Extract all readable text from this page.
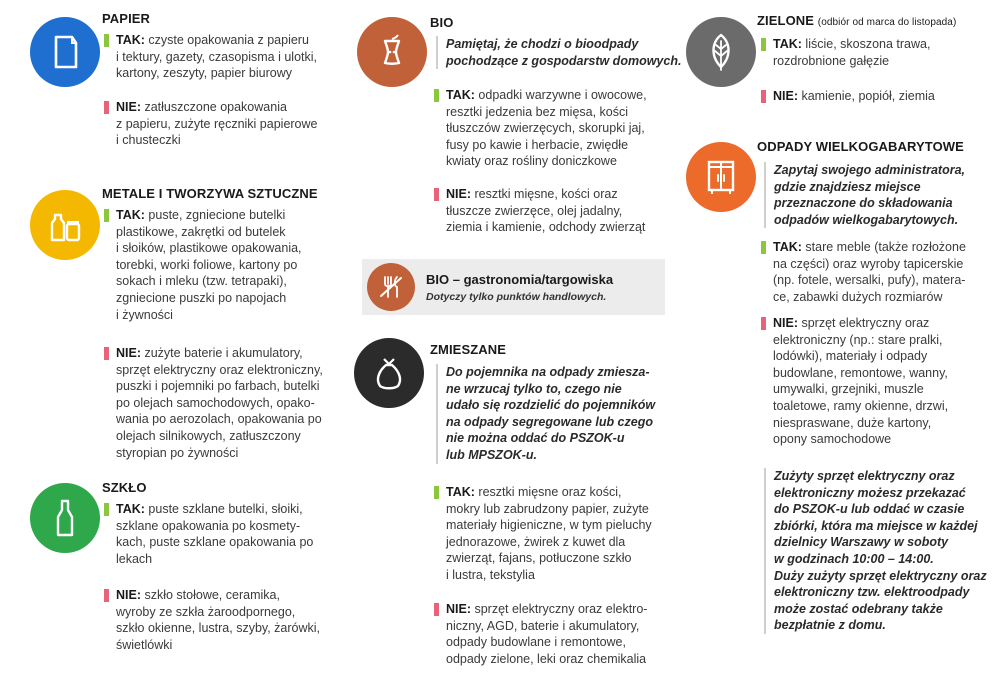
PAPIER
TAK: czyste opakowania z papieru
i tektury, gazety, czasopisma i ulotki,
kartony, zeszyty, papier biurowy
NIE: zatłuszczone opakowania
z papieru, zużyte ręczniki papierowe
i chusteczki
METALE I TWORZYWA SZTUCZNE
TAK: puste, zgniecione butelki
plastikowe, zakrętki od butelek
i słoików, plastikowe opakowania,
torebki, worki foliowe, kartony po
sokach i mleku (tzw. tetrapaki),
zgniecione puszki po napojach
i żywności
NIE: zużyte baterie i akumulatory,
sprzęt elektryczny oraz elektroniczny,
puszki i pojemniki po farbach, butelki
po olejach samochodowych, opako-
wania po aerozolach, opakowania po
olejach silnikowych, zatłuszczony
styropian po żywności
SZKŁO
TAK: puste szklane butelki, słoiki,
szklane opakowania po kosmety-
kach, puste szklane opakowania po
lekach
NIE: szkło stołowe, ceramika,
wyroby ze szkła żaroodpornego,
szkło okienne, lustra, szyby, żarówki,
świetlówki
BIO
Pamiętaj, że chodzi o bioodpady
pochodzące z gospodarstw domowych.
TAK: odpadki warzywne i owocowe,
resztki jedzenia bez mięsa, kości
tłuszczów zwierzęcych, skorupki jaj,
fusy po kawie i herbacie, zwiędłe
kwiaty oraz rośliny doniczkowe
NIE: resztki mięsne, kości oraz
tłuszcze zwierzęce, olej jadalny,
ziemia i kamienie, odchody zwierząt
BIO – gastronomia/targowiska
Dotyczy tylko punktów handlowych.
ZMIESZANE
Do pojemnika na odpady zmiesza-
ne wrzucaj tylko to, czego nie
udało się rozdzielić do pojemników
na odpady segregowane lub czego
nie można oddać do PSZOK-u
lub MPSZOK-u.
TAK: resztki mięsne oraz kości,
mokry lub zabrudzony papier, zużyte
materiały higieniczne, w tym pieluchy
jednorazowe, żwirek z kuwet dla
zwierząt, fajans, potłuczone szkło
i lustra, tekstylia
NIE: sprzęt elektryczny oraz elektro-
niczny, AGD, baterie i akumulatory,
odpady budowlane i remontowe,
odpady zielone, leki oraz chemikalia
ZIELONE (odbiór od marca do listopada)
TAK: liście, skoszona trawa,
rozdrobnione gałęzie
NIE: kamienie, popiół, ziemia
ODPADY WIELKOGABARYTOWE
Zapytaj swojego administratora,
gdzie znajdziesz miejsce
przeznaczone do składowania
odpadów wielkogabarytowych.
TAK: stare meble (także rozłożone
na części) oraz wyroby tapicerskie
(np. fotele, wersalki, pufy), matera-
ce, zabawki dużych rozmiarów
NIE: sprzęt elektryczny oraz
elektroniczny (np.: stare pralki,
lodówki), materiały i odpady
budowlane, remontowe, wanny,
umywalki, grzejniki, muszle
toaletowe, ramy okienne, drzwi,
niespraswane, duże kartony,
opony samochodowe
Zużyty sprzęt elektryczny oraz
elektroniczny możesz przekazać
do PSZOK-u lub oddać w czasie
zbiórki, która ma miejsce w każdej
dzielnicy Warszawy w soboty
w godzinach 10:00 – 14:00.
Duży zużyty sprzęt elektryczny oraz
elektroniczny tzw. elektroodpady
może zostać odebrany także
bezpłatnie z domu.
